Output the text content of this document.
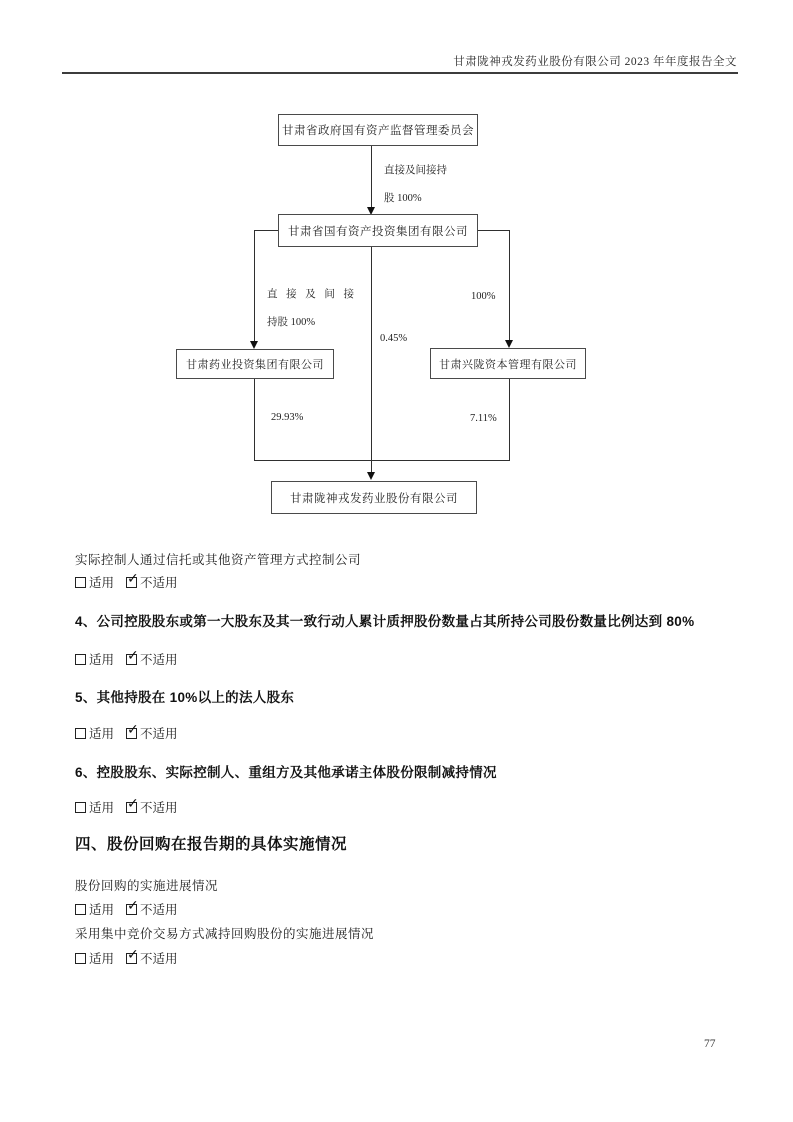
甘肃陇神戎发药业股份有限公司 2023 年年度报告全文
甘肃省政府国有资产监督管理委员会
直接及间接持
股 100%
甘肃省国有资产投资集团有限公司
直 接 及 间 接
持股 100%
100%
0.45%
甘肃药业投资集团有限公司	甘肃兴陇资本管理有限公司
29.93%	7.11%
甘肃陇神戎发药业股份有限公司
实际控制人通过信托或其他资产管理方式控制公司
适用 ✓ 不适用
4、公司控股股东或第一大股东及其一致行动人累计质押股份数量占其所持公司股份数量比例达到 80%
适用 ✓ 不适用
5、其他持股在 10%以上的法人股东
适用 ✓ 不适用
6、控股股东、实际控制人、重组方及其他承诺主体股份限制减持情况
适用 ✓ 不适用
四、股份回购在报告期的具体实施情况
股份回购的实施进展情况
适用 ✓ 不适用
采用集中竞价交易方式减持回购股份的实施进展情况
适用 ✓ 不适用
77
